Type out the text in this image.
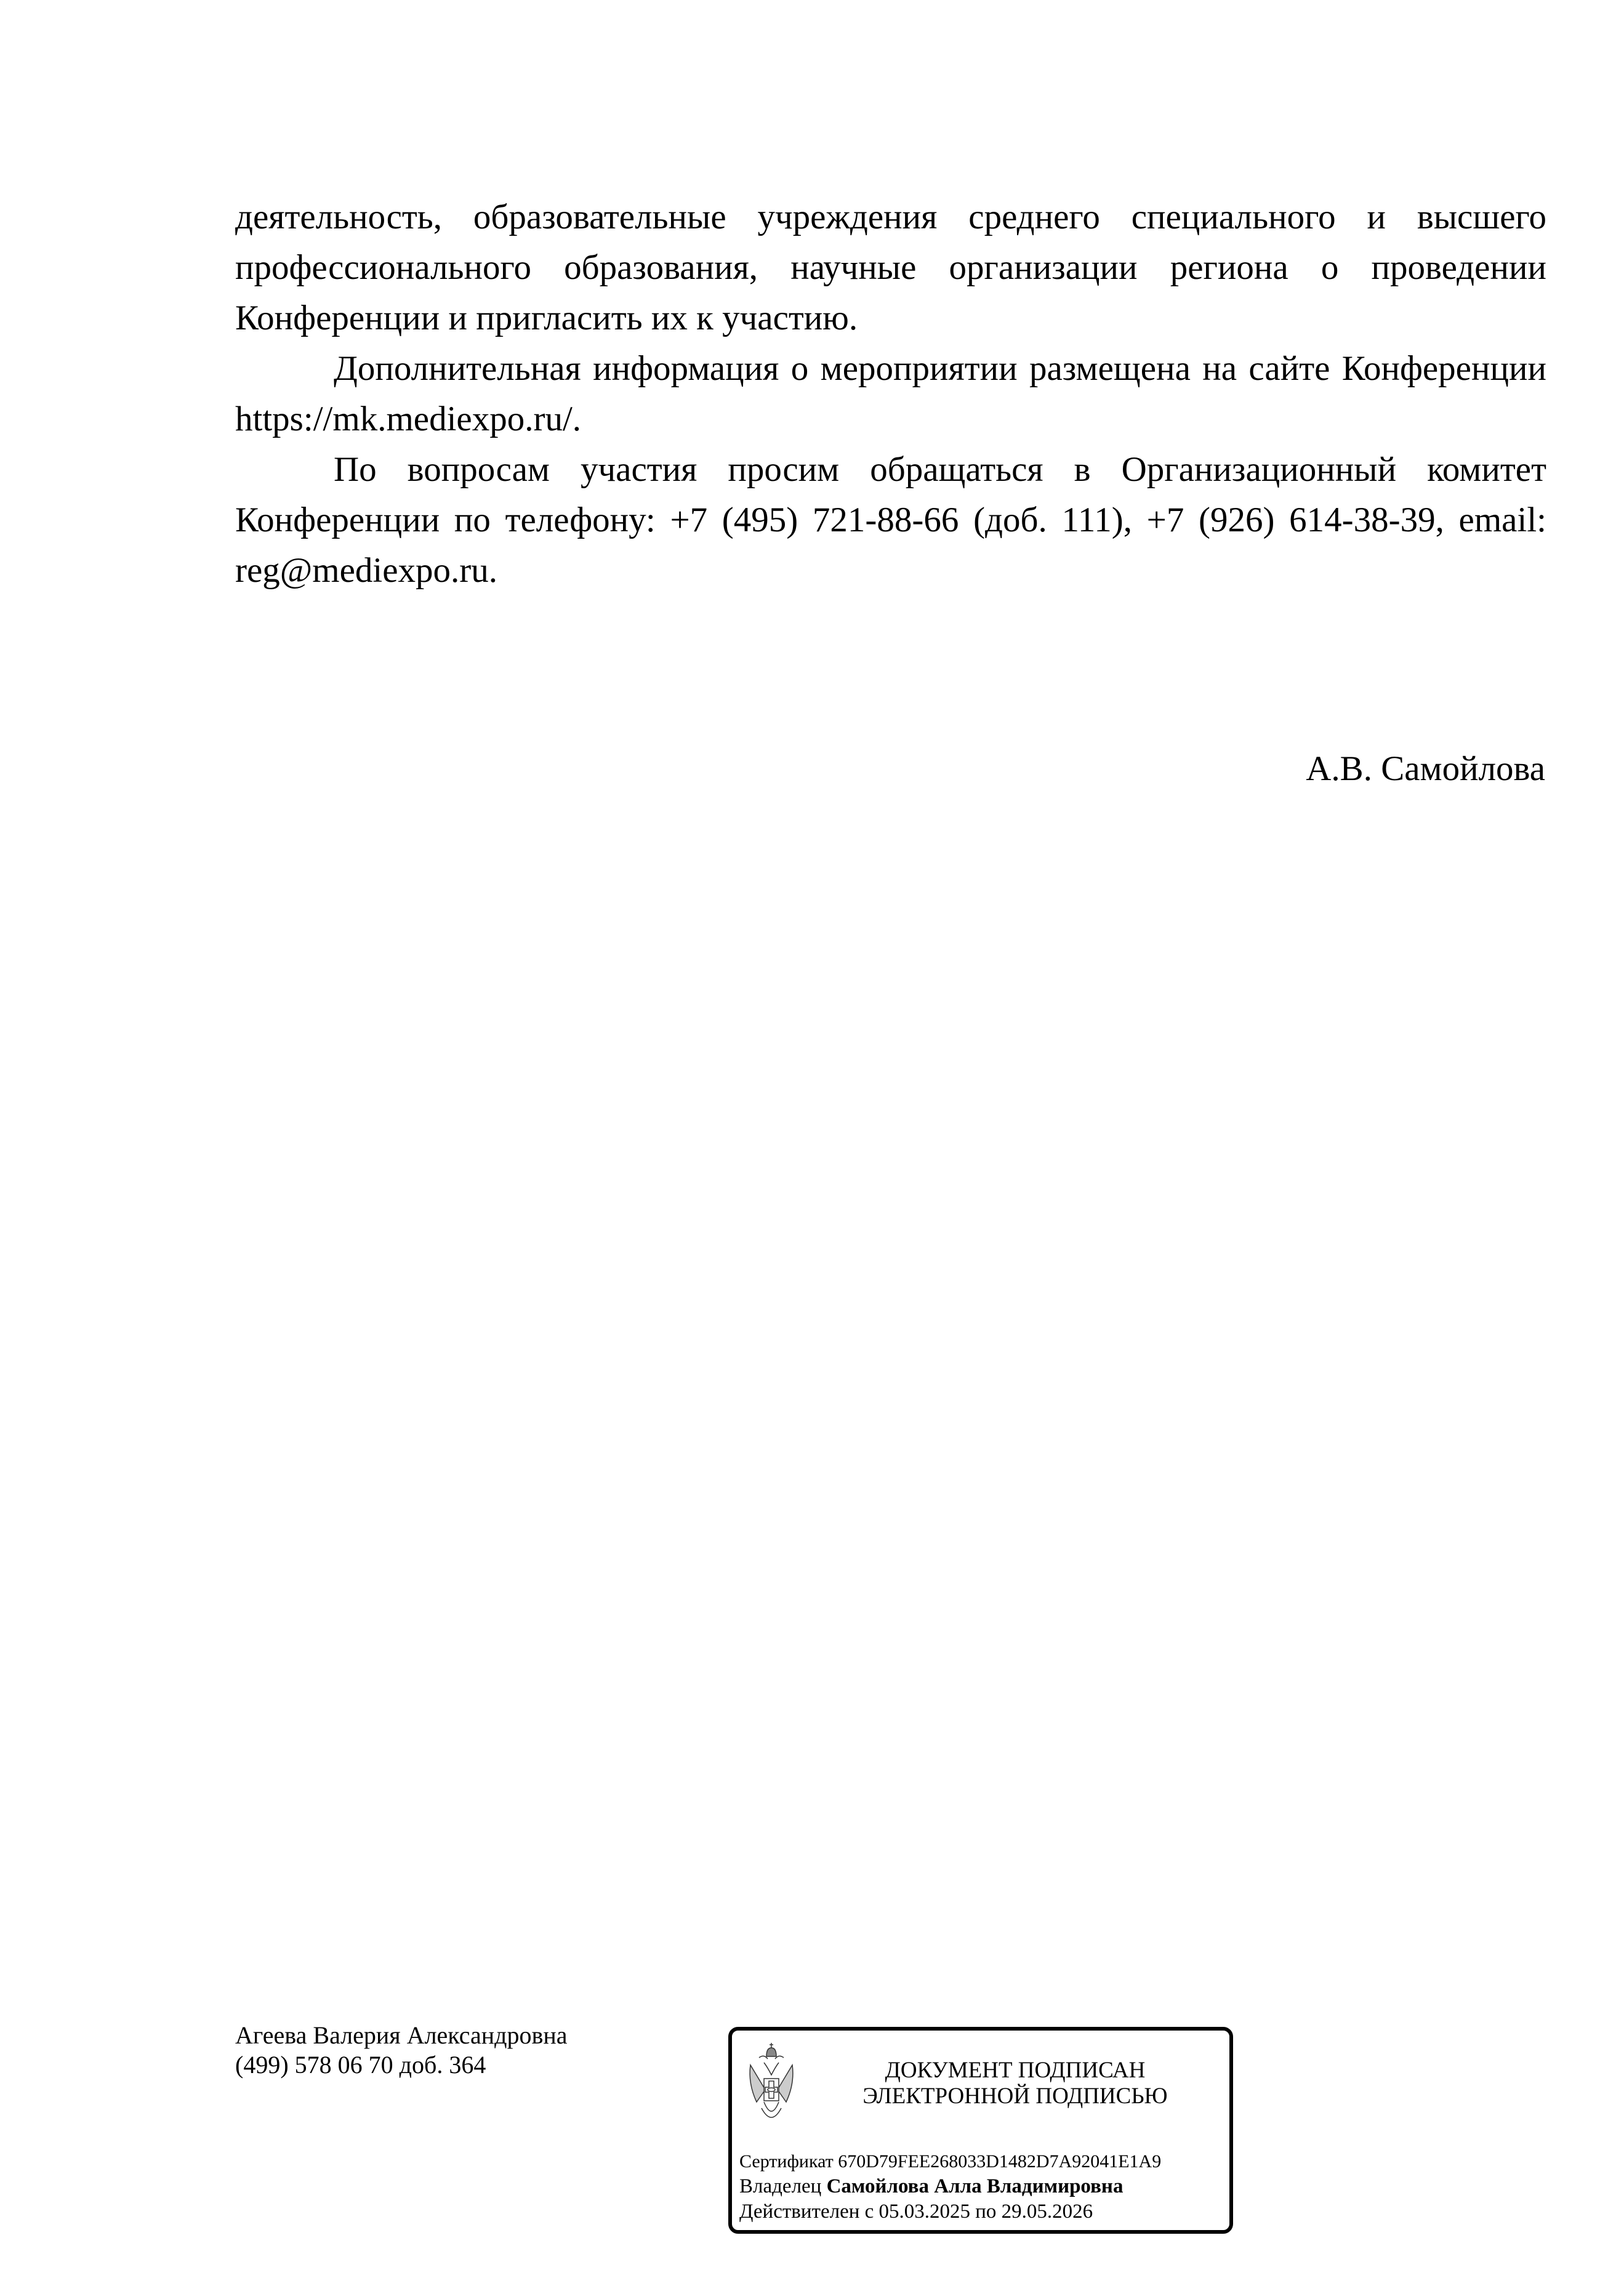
деятельность, образовательные учреждения среднего специального и высшего профессионального образования, научные организации региона о проведении Конференции и пригласить их к участию.

Дополнительная информация о мероприятии размещена на сайте Конференции https://mk.mediexpo.ru/.

По вопросам участия просим обращаться в Организационный комитет Конференции по телефону: +7 (495) 721-88-66 (доб. 111), +7 (926) 614-38-39, email: reg@mediexpo.ru.

А.В. Самойлова
Агеева Валерия Александровна
(499) 578 06 70 доб. 364	ДОКУМЕНТ ПОДПИСАН
ЭЛЕКТРОННОЙ ПОДПИСЬЮ
Сертификат 670D79FEE268033D1482D7A92041E1A9
Владелец Самойлова Алла Владимировна
Действителен с 05.03.2025 по 29.05.2026
